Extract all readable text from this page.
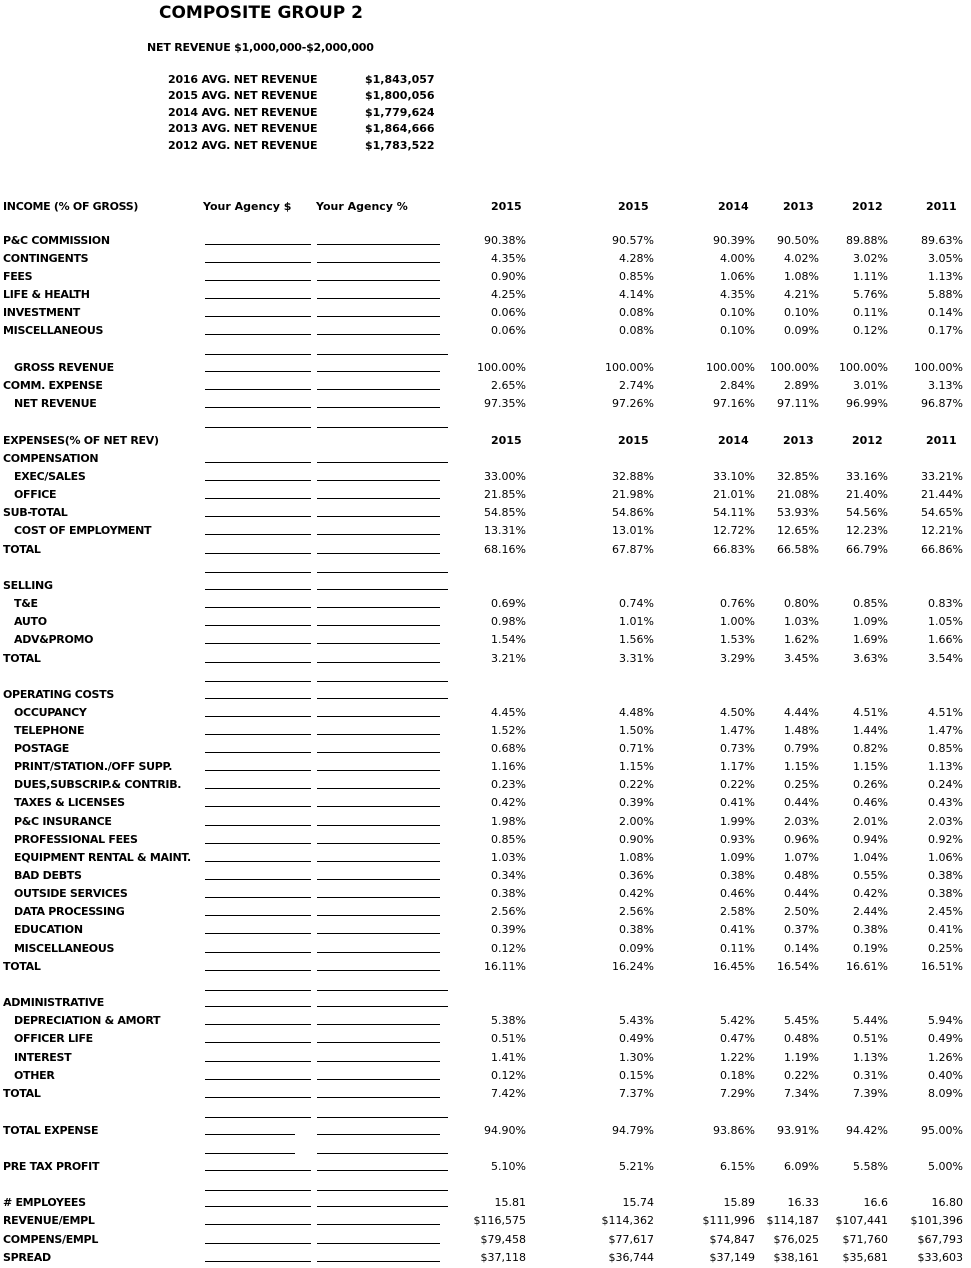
COMPOSITE GROUP 2
NET REVENUE $1,000,000-$2,000,000
2016 AVG. NET REVENUE	$1,843,057
2015 AVG. NET REVENUE	$1,800,056
2014 AVG. NET REVENUE	$1,779,624
2013 AVG. NET REVENUE	$1,864,666
2012 AVG. NET REVENUE	$1,783,522
INCOME (% OF GROSS)	Your Agency $ Your Agency %	2015	2015	2014	2013	2012	2011
P&C COMMISSION	90.38%	90.57%	90.39% 90.50% 89.88%	89.63%
CONTINGENTS	4.35%	4.28%	4.00%	4.02%	3.02%	3.05%
FEES	0.90%	0.85%	1.06%	1.08%	1.11%	1.13%
LIFE & HEALTH	4.25%	4.14%	4.35%	4.21%	5.76%	5.88%
INVESTMENT	0.06%	0.08%	0.10%	0.10%	0.11%	0.14%
MISCELLANEOUS	0.06%	0.08%	0.10%	0.09%	0.12%	0.17%
GROSS REVENUE	100.00%	100.00%	100.00% 100.00% 100.00% 100.00%
COMM. EXPENSE	2.65%	2.74%	2.84%	2.89%	3.01%	3.13%
NET REVENUE	97.35%	97.26%	97.16% 97.11% 96.99%	96.87%
EXPENSES(% OF NET REV)	2015	2015	2014	2013	2012	2011
COMPENSATION
EXEC/SALES	33.00%	32.88%	33.10% 32.85% 33.16%	33.21%
OFFICE	21.85%	21.98%	21.01% 21.08% 21.40%	21.44%
SUB-TOTAL	54.85%	54.86%	54.11% 53.93% 54.56%	54.65%
COST OF EMPLOYMENT	13.31%	13.01%	12.72% 12.65% 12.23%	12.21%
TOTAL	68.16%	67.87%	66.83% 66.58% 66.79%	66.86%
SELLING
T&E	0.69%	0.74%	0.76%	0.80%	0.85%	0.83%
AUTO	0.98%	1.01%	1.00%	1.03%	1.09%	1.05%
ADV&PROMO	1.54%	1.56%	1.53%	1.62%	1.69%	1.66%
TOTAL	3.21%	3.31%	3.29%	3.45%	3.63%	3.54%
OPERATING COSTS
OCCUPANCY	4.45%	4.48%	4.50%	4.44%	4.51%	4.51%
TELEPHONE	1.52%	1.50%	1.47%	1.48%	1.44%	1.47%
POSTAGE	0.68%	0.71%	0.73%	0.79%	0.82%	0.85%
PRINT/STATION./OFF SUPP.	1.16%	1.15%	1.17%	1.15%	1.15%	1.13%
DUES,SUBSCRIP.& CONTRIB.	0.23%	0.22%	0.22%	0.25%	0.26%	0.24%
TAXES & LICENSES	0.42%	0.39%	0.41%	0.44%	0.46%	0.43%
P&C INSURANCE	1.98%	2.00%	1.99%	2.03%	2.01%	2.03%
PROFESSIONAL FEES	0.85%	0.90%	0.93%	0.96%	0.94%	0.92%
EQUIPMENT RENTAL & MAINT.	1.03%	1.08%	1.09%	1.07%	1.04%	1.06%
BAD DEBTS	0.34%	0.36%	0.38%	0.48%	0.55%	0.38%
OUTSIDE SERVICES	0.38%	0.42%	0.46%	0.44%	0.42%	0.38%
DATA PROCESSING	2.56%	2.56%	2.58%	2.50%	2.44%	2.45%
EDUCATION	0.39%	0.38%	0.41%	0.37%	0.38%	0.41%
MISCELLANEOUS	0.12%	0.09%	0.11%	0.14%	0.19%	0.25%
TOTAL	16.11%	16.24%	16.45% 16.54% 16.61%	16.51%
ADMINISTRATIVE
DEPRECIATION & AMORT	5.38%	5.43%	5.42%	5.45%	5.44%	5.94%
OFFICER LIFE	0.51%	0.49%	0.47%	0.48%	0.51%	0.49%
INTEREST	1.41%	1.30%	1.22%	1.19%	1.13%	1.26%
OTHER	0.12%	0.15%	0.18%	0.22%	0.31%	0.40%
TOTAL	7.42%	7.37%	7.29%	7.34%	7.39%	8.09%
TOTAL EXPENSE	94.90%	94.79%	93.86% 93.91% 94.42%	95.00%
PRE TAX PROFIT	5.10%	5.21%	6.15%	6.09%	5.58%	5.00%
# EMPLOYEES	15.81	15.74	15.89	16.33	16.6	16.80
REVENUE/EMPL	$116,575	$114,362	$111,996 $114,187 $107,441 $101,396
COMPENS/EMPL	$79,458	$77,617	$74,847 $76,025 $71,760	$67,793
SPREAD	$37,118	$36,744	$37,149 $38,161 $35,681	$33,603
